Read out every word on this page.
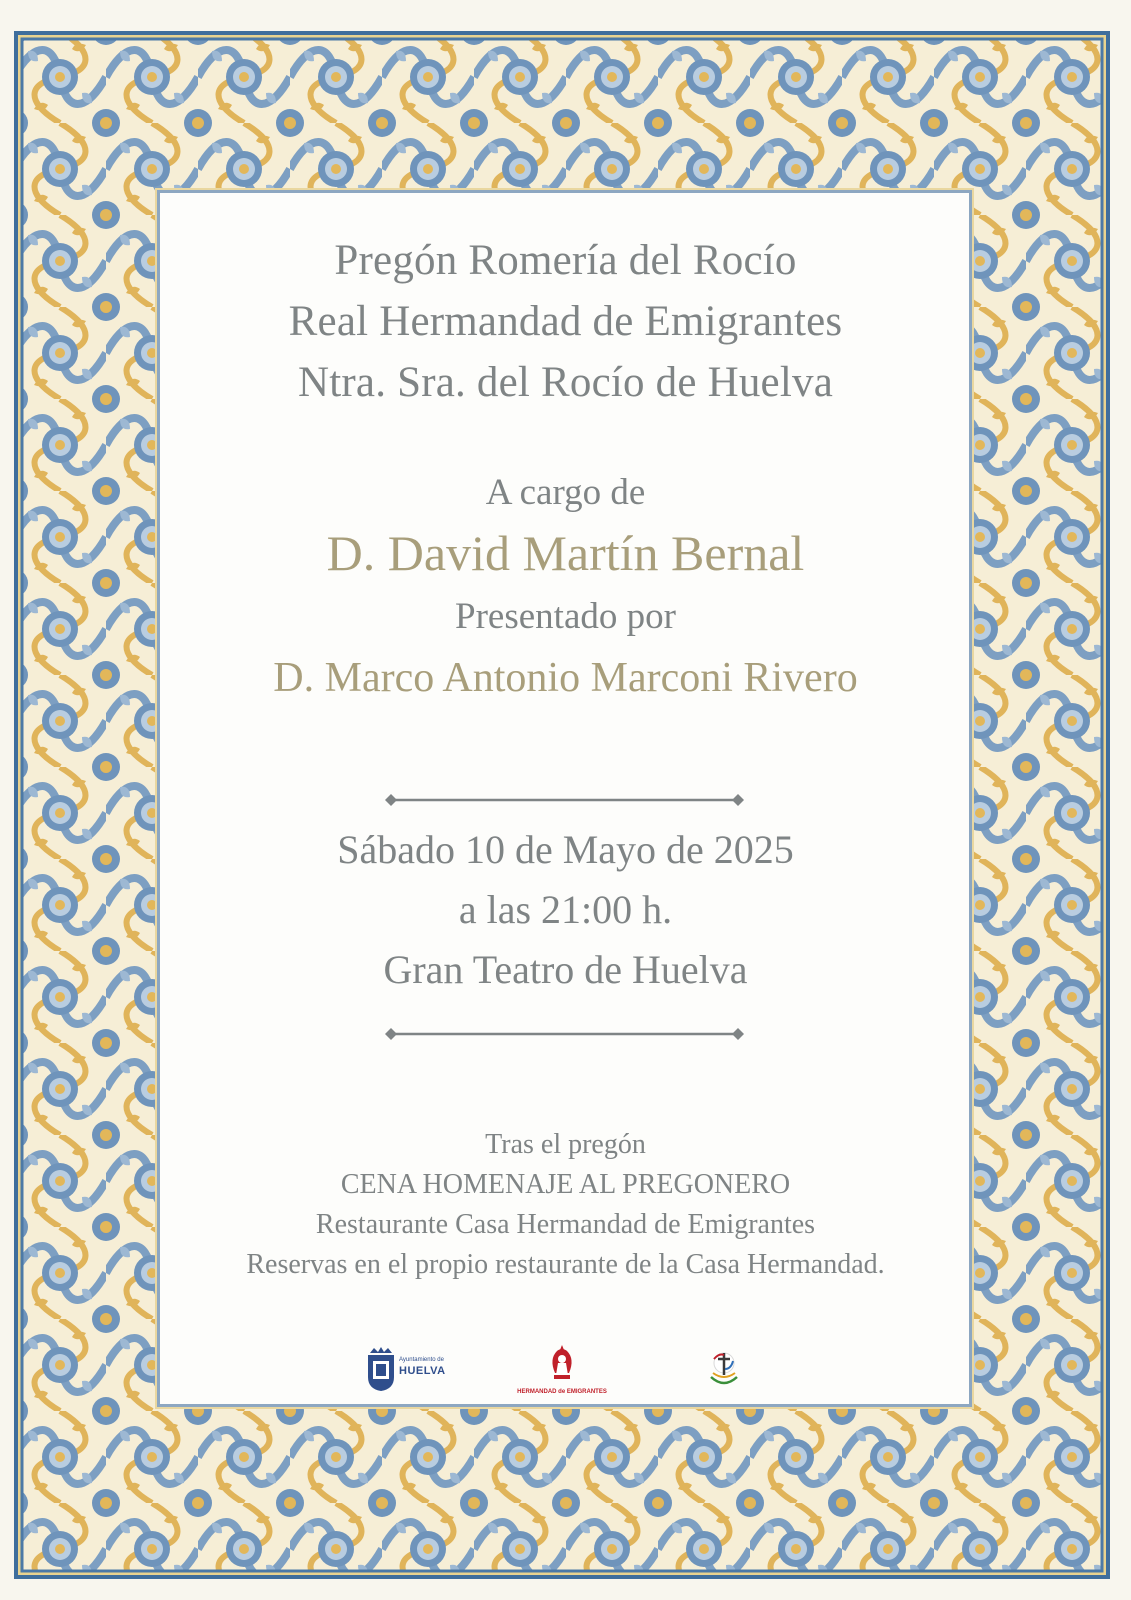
Pregón Romería del Rocío
Real Hermandad de Emigrantes
Ntra. Sra. del Rocío de Huelva
A cargo de
D. David Martín Bernal
Presentado por
D. Marco Antonio Marconi Rivero
Sábado 10 de Mayo de 2025
a las 21:00 h.
Gran Teatro de Huelva
Tras el pregón
CENA HOMENAJE AL PREGONERO
Restaurante Casa Hermandad de Emigrantes
Reservas en el propio restaurante de la Casa Hermandad.
Ayuntamiento de
HUELVA
HERMANDAD de EMIGRANTES
